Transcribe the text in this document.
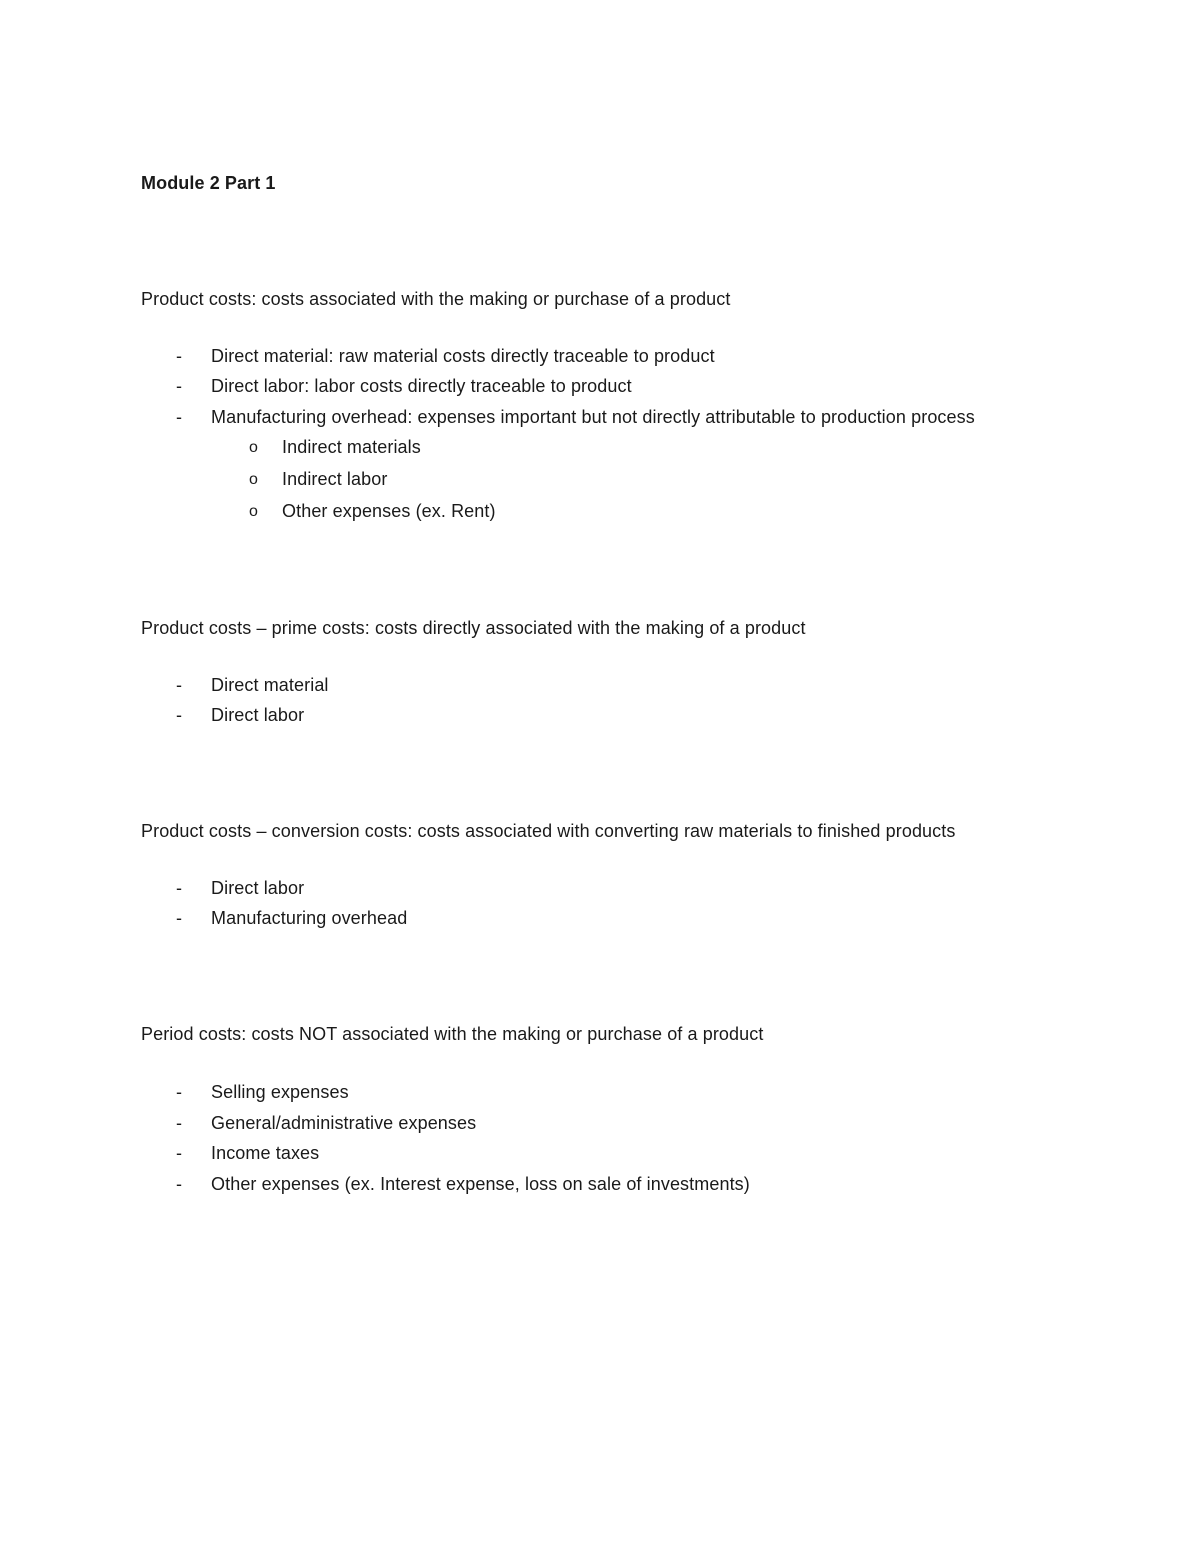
Module 2 Part 1
Product costs: costs associated with the making or purchase of a product
- Direct material: raw material costs directly traceable to product
- Direct labor: labor costs directly traceable to product
- Manufacturing overhead: expenses important but not directly attributable to production process
o Indirect materials
o Indirect labor
o Other expenses (ex. Rent)
Product costs – prime costs: costs directly associated with the making of a product
- Direct material
- Direct labor
Product costs – conversion costs: costs associated with converting raw materials to finished products
- Direct labor
- Manufacturing overhead
Period costs: costs NOT associated with the making or purchase of a product
- Selling expenses
- General/administrative expenses
- Income taxes
- Other expenses (ex. Interest expense, loss on sale of investments)
